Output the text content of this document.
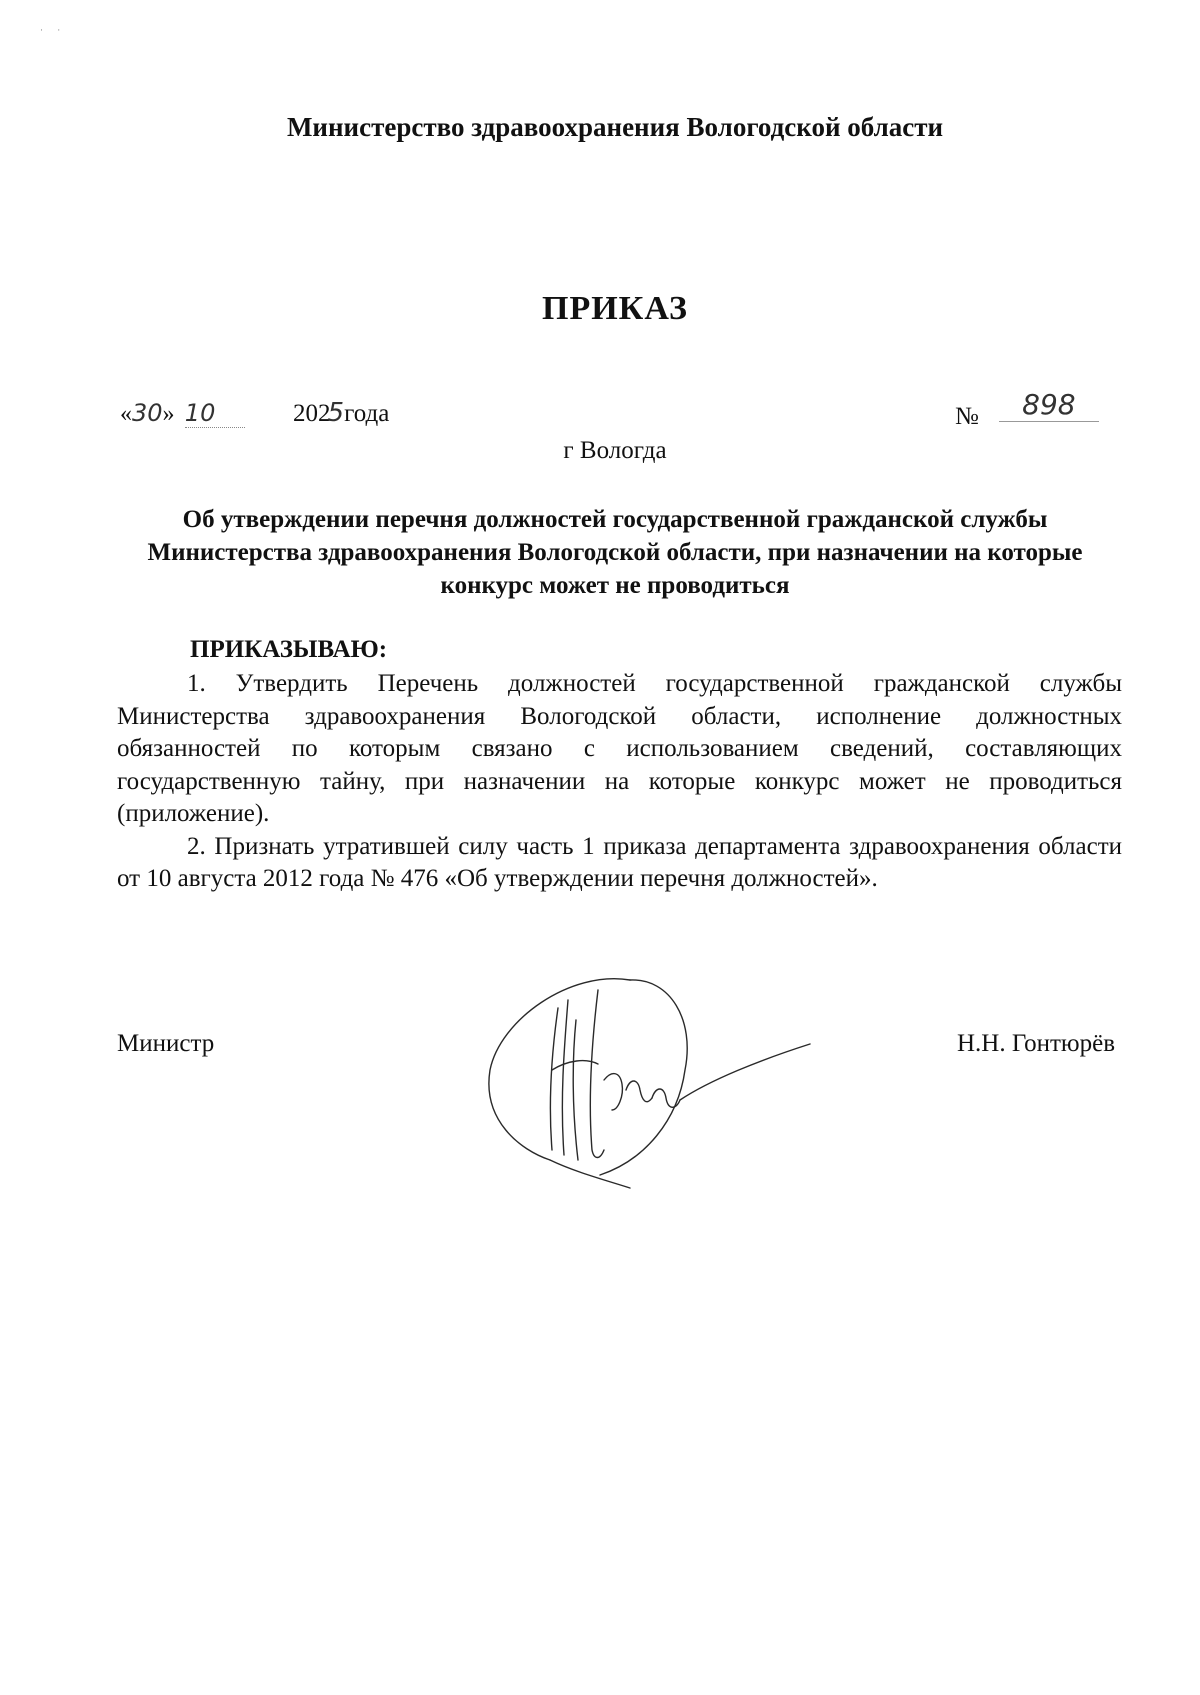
· ·
Министерство здравоохранения Вологодской области
ПРИКАЗ
«30» 10	2025года	№ 898
г Вологда
Об утверждении перечня должностей государственной гражданской службы Министерства здравоохранения Вологодской области, при назначении на которые конкурс может не проводиться
ПРИКАЗЫВАЮ:

1. Утвердить Перечень должностей государственной гражданской службы Министерства здравоохранения Вологодской области, исполнение должностных обязанностей по которым связано с использованием сведений, составляющих государственную тайну, при назначении на которые конкурс может не проводиться (приложение).

2. Признать утратившей силу часть 1 приказа департамента здравоохранения области от 10 августа 2012 года № 476 «Об утверждении перечня должностей».

Министр	Н.Н. Гонтюрёв
